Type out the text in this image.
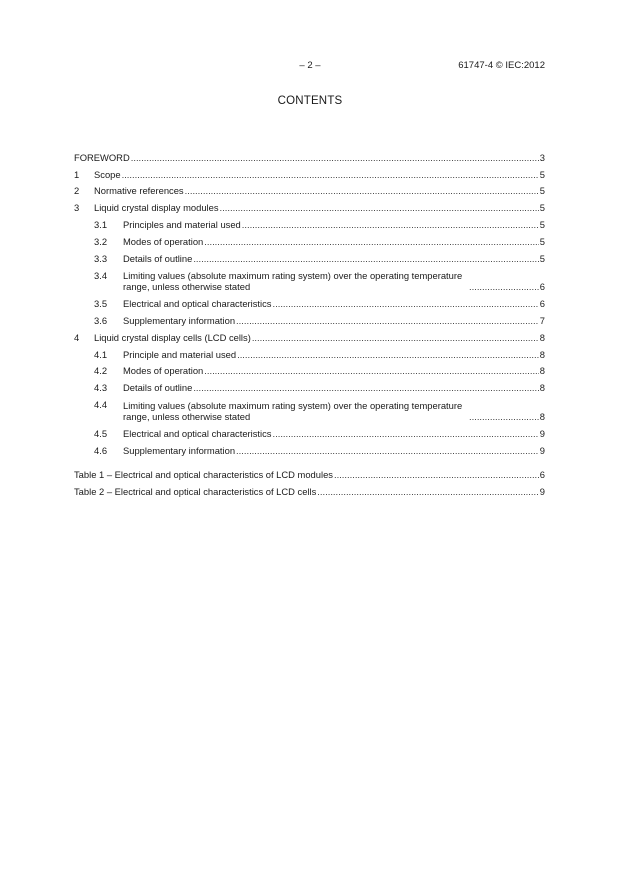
– 2 –	61747-4 © IEC:2012
CONTENTS
FOREWORD .....	3
1	Scope .....	5
2	Normative references .....	5
3	Liquid crystal display modules .....	5
3.1	Principles and material used .....	5
3.2	Modes of operation .....	5
3.3	Details of outline .....	5
3.4	Limiting values (absolute maximum rating system) over the operating temperature range, unless otherwise stated .....	6
3.5	Electrical and optical characteristics .....	6
3.6	Supplementary information .....	7
4	Liquid crystal display cells (LCD cells) .....	8
4.1	Principle and material used .....	8
4.2	Modes of operation .....	8
4.3	Details of outline .....	8
4.4	Limiting values (absolute maximum rating system) over the operating temperature range, unless otherwise stated .....	8
4.5	Electrical and optical characteristics .....	9
4.6	Supplementary information .....	9
Table 1 – Electrical and optical characteristics of LCD modules .....	6
Table 2 – Electrical and optical characteristics of LCD cells .....	9
